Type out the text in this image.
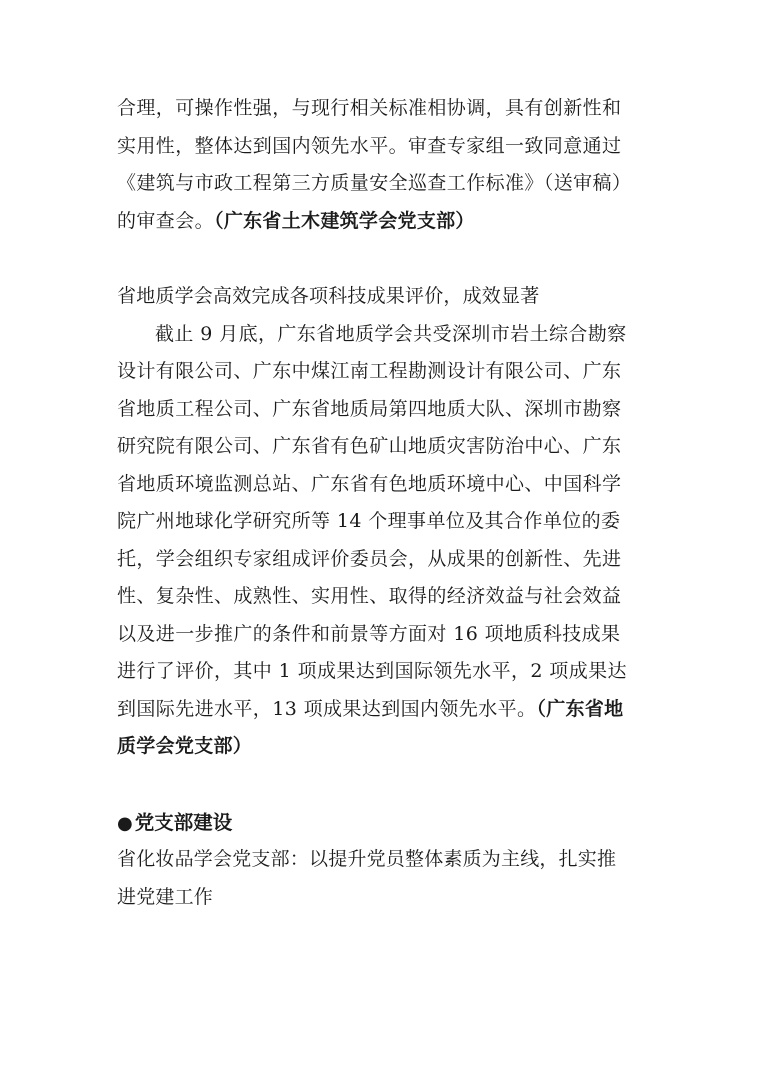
合理，可操作性强，与现行相关标准相协调，具有创新性和
实用性，整体达到国内领先水平。审查专家组一致同意通过
《建筑与市政工程第三方质量安全巡查工作标准》（送审稿）
的审查会。（广东省土木建筑学会党支部）
省地质学会高效完成各项科技成果评价，成效显著
截止 9 月底，广东省地质学会共受深圳市岩土综合勘察
设计有限公司、广东中煤江南工程勘测设计有限公司、广东
省地质工程公司、广东省地质局第四地质大队、深圳市勘察
研究院有限公司、广东省有色矿山地质灾害防治中心、广东
省地质环境监测总站、广东省有色地质环境中心、中国科学
院广州地球化学研究所等 14 个理事单位及其合作单位的委
托，学会组织专家组成评价委员会，从成果的创新性、先进
性、复杂性、成熟性、实用性、取得的经济效益与社会效益
以及进一步推广的条件和前景等方面对 16 项地质科技成果
进行了评价，其中 1 项成果达到国际领先水平，2 项成果达
到国际先进水平，13 项成果达到国内领先水平。（广东省地
质学会党支部）
● 党支部建设
省化妆品学会党支部：以提升党员整体素质为主线，扎实推
进党建工作
